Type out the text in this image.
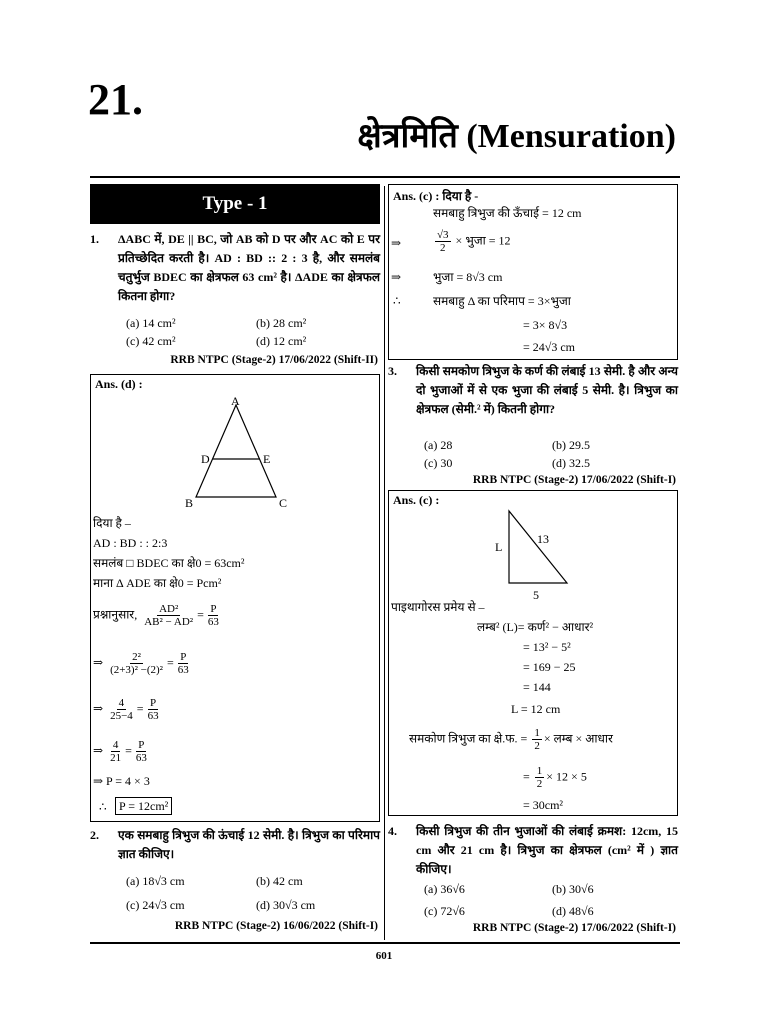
21.
क्षेत्रमिति (Mensuration)
Type - 1
1. ΔABC में, DE || BC, जो AB को D पर और AC को E पर प्रतिच्छेदित करती है। AD : BD :: 2 : 3 है, और समलंब चतुर्भुज BDEC का क्षेत्रफल 63 cm² है। ΔADE का क्षेत्रफल कितना होगा?
(a) 14 cm²	(b) 28 cm²
(c) 42 cm²	(d) 12 cm²
RRB NTPC (Stage-2) 17/06/2022 (Shift-II)
Ans. (d) :
A
D	E
B	C
दिया है –
AD : BD : : 2:3
समलंब □ BDEC का क्षे0 = 63cm²
माना Δ ADE का क्षे0 = Pcm²
प्रश्नानुसार, $\frac{\text{AD²}}{\text{AB² − AD²}} = \frac{P}{63}$
⇒ $\frac{\text{2²}}{\text{(2+3)² −(2)²}} = \frac{P}{63}$
⇒ $\frac{4}{25-4} = \frac{P}{63}$
⇒ $\frac{4}{21} = \frac{P}{63}$
⇒ P = 4 × 3
∴	P = 12cm²
2. एक समबाहु त्रिभुज की ऊंचाई 12 सेमी. है। त्रिभुज का परिमाप ज्ञात कीजिए।
(a) 18√3 cm	(b) 42 cm
(c) 24√3 cm	(d) 30√3 cm
RRB NTPC (Stage-2) 16/06/2022 (Shift-I)
Ans. (c) : दिया है -
समबाहु त्रिभुज की ऊँचाई = 12 cm
⇒	$\frac{√3}{2}$ × भुजा = 12
⇒	भुजा = 8√3 cm
∴	समबाहु Δ का परिमाप = 3×भुजा
= 3× 8√3
= 24√3 cm
3. किसी समकोण त्रिभुज के कर्ण की लंबाई 13 सेमी. है और अन्य दो भुजाओं में से एक भुजा की लंबाई 5 सेमी. है। त्रिभुज का क्षेत्रफल (सेमी.² में) कितनी होगा?
(a) 28	(b) 29.5
(c) 30	(d) 32.5
RRB NTPC (Stage-2) 17/06/2022 (Shift-I)
Ans. (c) :
L
13
5
पाइथागोरस प्रमेय से –
लम्ब² (L)= कर्ण² − आधार²
= 13² − 5²
= 169 − 25
= 144
L = 12 cm
समकोण त्रिभुज का क्षे.फ. = $\frac{1}{2}$ × लम्ब × आधार
= $\frac{1}{2} \times 12 \times 5$
= 30cm²
4. किसी त्रिभुज की तीन भुजाओं की लंबाई क्रमश: 12cm, 15 cm और 21 cm है। त्रिभुज का क्षेत्रफल (cm² में ) ज्ञात कीजिए।
(a) 36√6	(b) 30√6
(c) 72√6	(d) 48√6
RRB NTPC (Stage-2) 17/06/2022 (Shift-I)
601
